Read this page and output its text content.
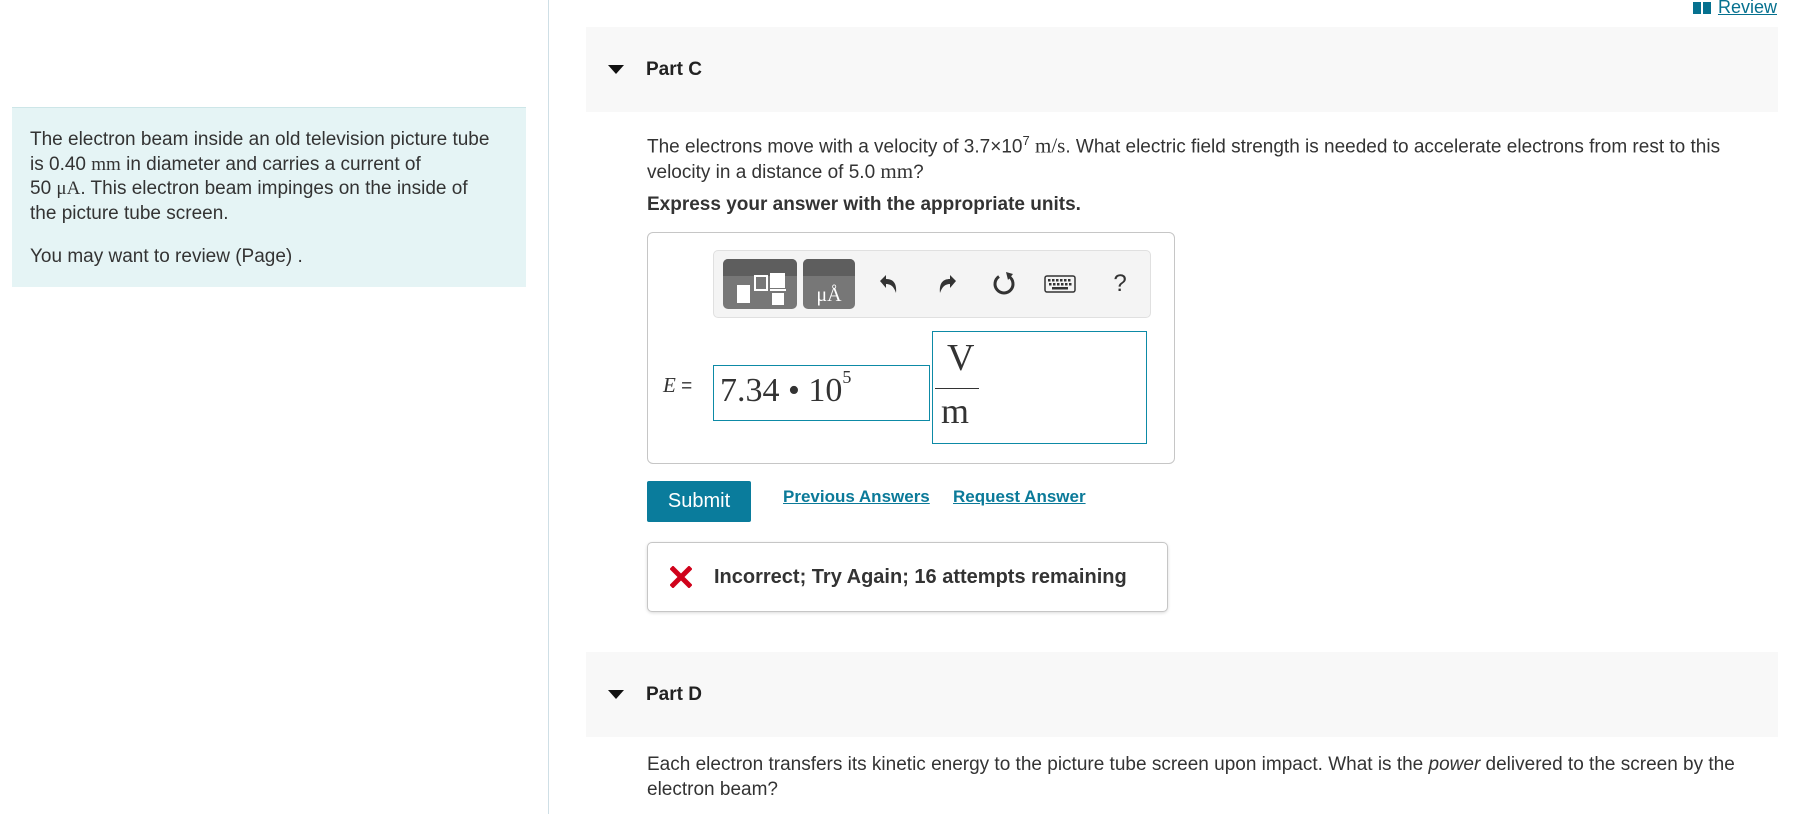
The electron beam inside an old television picture tube
is 0.40 mm in diameter and carries a current of
50 μA. This electron beam impinges on the inside of
the picture tube screen.

You may want to review (Page) .

Review
Part C
The electrons move with a velocity of $3.7\times 10^7$ m/s. What electric field strength is needed to accelerate electrons from rest to this
velocity in a distance of 5.0 mm?
Express your answer with the appropriate units.
μÅ	?
E = 7.34 • $10^5$	V
m
Submit	Previous Answers Request Answer
Incorrect; Try Again; 16 attempts remaining
Part D
Each electron transfers its kinetic energy to the picture tube screen upon impact. What is the power delivered to the screen by the
electron beam?
